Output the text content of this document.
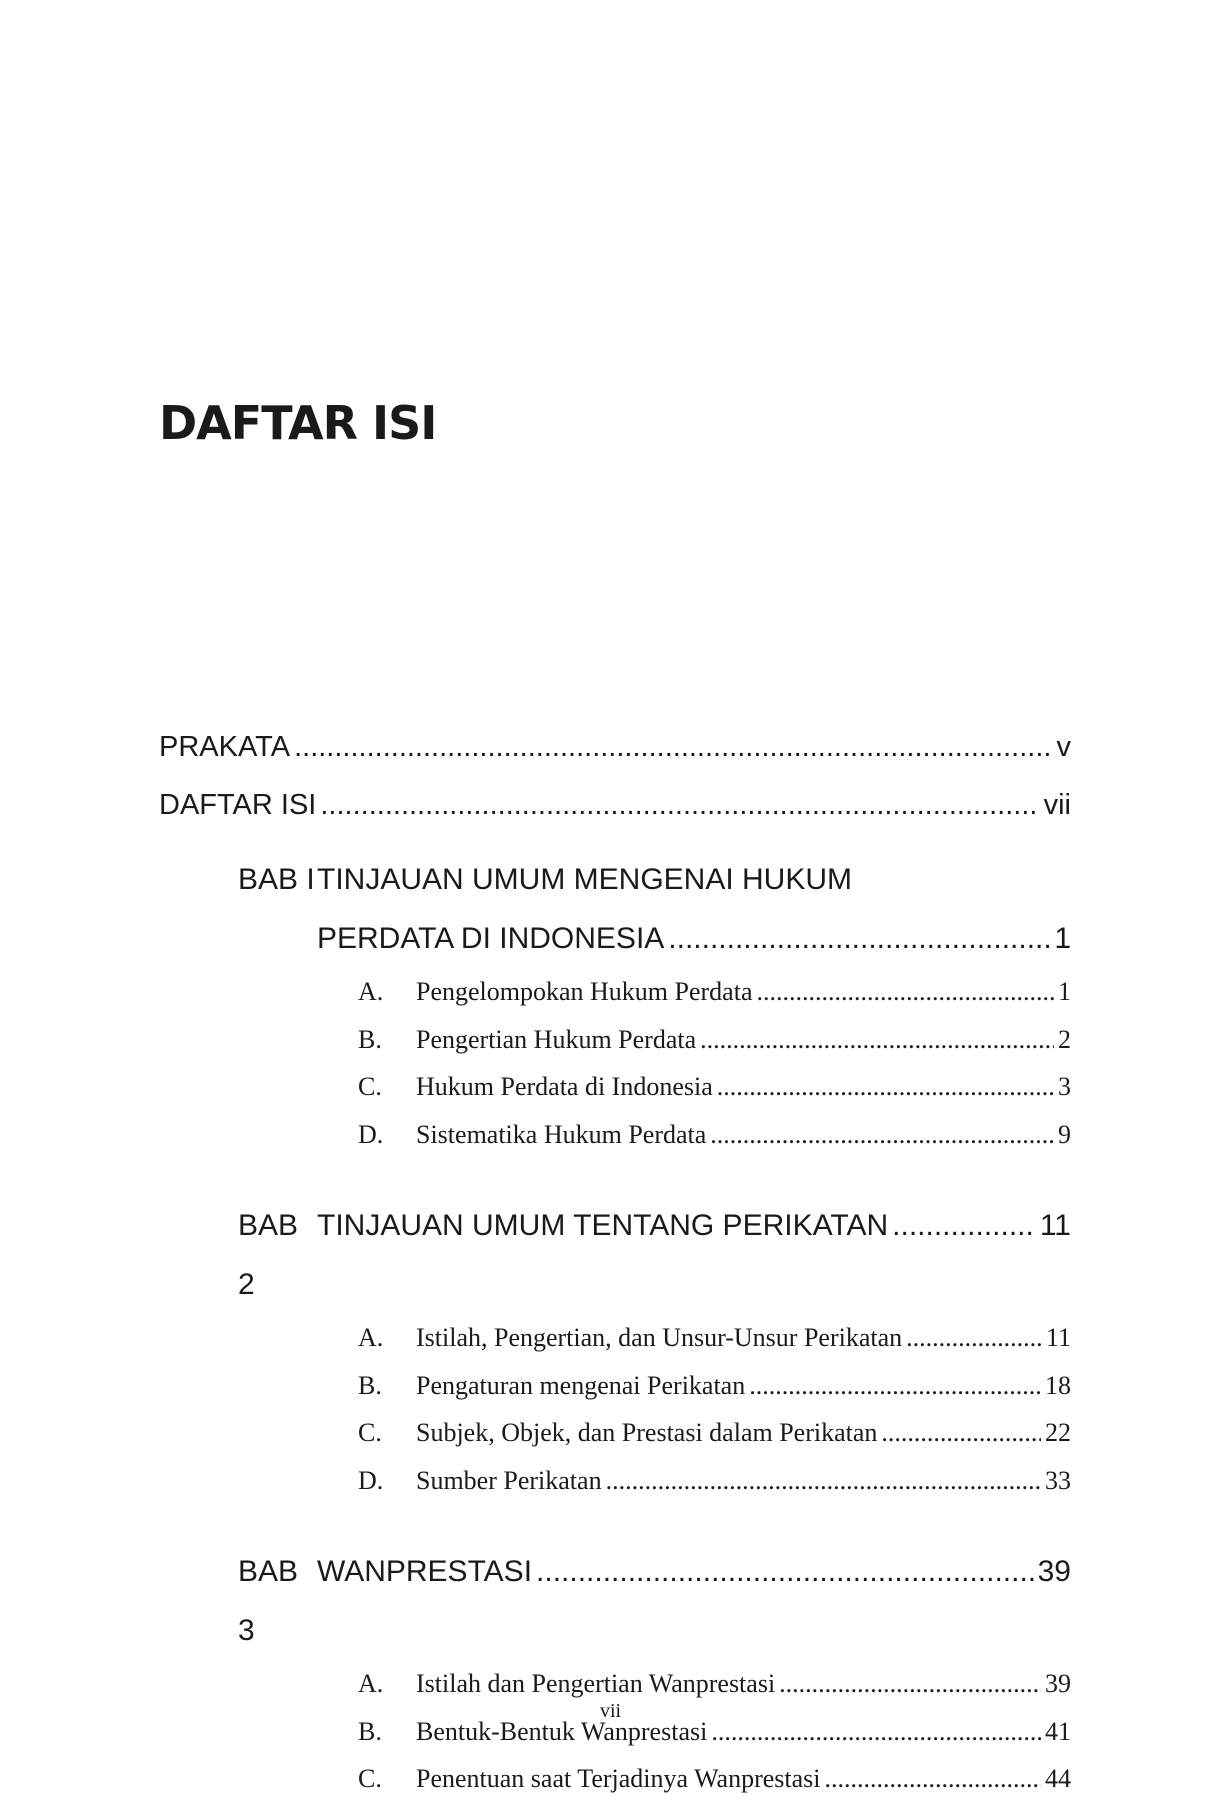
DAFTAR ISI
PRAKATA .....	v
DAFTAR ISI .....	vii
BAB I TINJAUAN UMUM MENGENAI HUKUM
PERDATA DI INDONESIA .....	1
A.	Pengelompokan Hukum Perdata .....	1
B.	Pengertian Hukum Perdata .....	2
C.	Hukum Perdata di Indonesia .....	3
D.	Sistematika Hukum Perdata .....	9
BAB 2
TINJAUAN UMUM TENTANG PERIKATAN .....	11
A.	Istilah, Pengertian, dan Unsur-Unsur Perikatan .....	11
B.	Pengaturan mengenai Perikatan .....	18
C.	Subjek, Objek, dan Prestasi dalam Perikatan .....	22
D.	Sumber Perikatan .....	33
BAB 3
WANPRESTASI .....	39
A.	Istilah dan Pengertian Wanprestasi .....	39
B.	Bentuk-Bentuk Wanprestasi .....	41
C.	Penentuan saat Terjadinya Wanprestasi .....	44
vii
